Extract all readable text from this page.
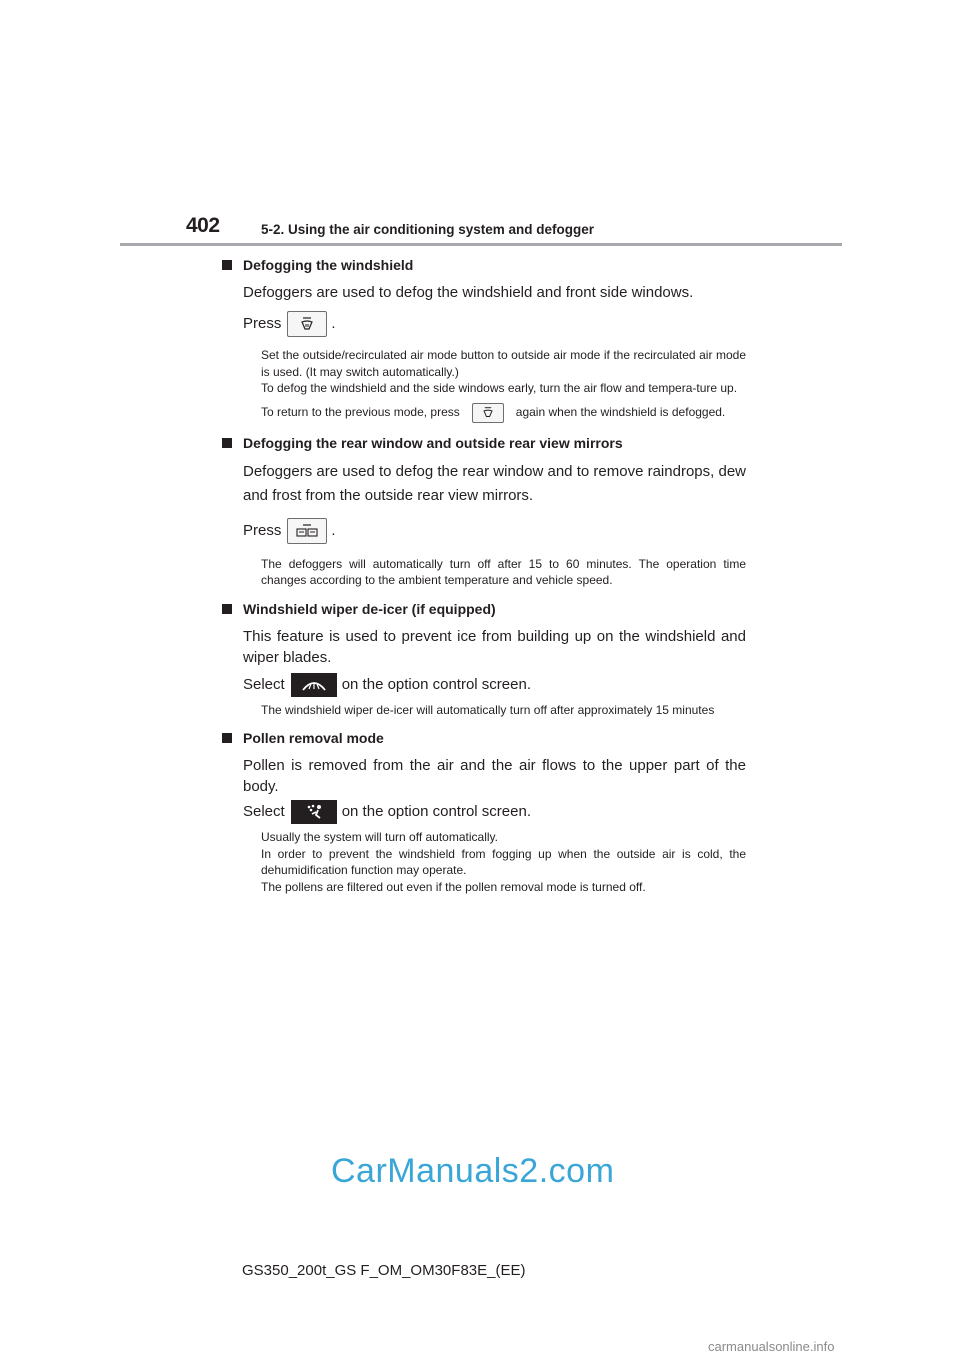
402	5-2. Using the air conditioning system and defogger
Defogging the windshield

Defoggers are used to defog the windshield and front side windows.

Press	.

Set the outside/recirculated air mode button to outside air mode if the recirculated air mode is used. (It may switch automatically.)

To defog the windshield and the side windows early, turn the air flow and tempera-ture up.

To return to the previous mode, press	again when the windshield is defogged.
Defogging the rear window and outside rear view mirrors

Defoggers are used to defog the rear window and to remove raindrops, dew and frost from the outside rear view mirrors.

Press	.

The defoggers will automatically turn off after 15 to 60 minutes. The operation time changes according to the ambient temperature and vehicle speed.

Windshield wiper de-icer (if equipped)

This feature is used to prevent ice from building up on the windshield and wiper blades.

Select	on the option control screen.

The windshield wiper de-icer will automatically turn off after approximately 15 minutes

Pollen removal mode

Pollen is removed from the air and the air flows to the upper part of the body.

Select	on the option control screen.

Usually the system will turn off automatically.

In order to prevent the windshield from fogging up when the outside air is cold, the dehumidification function may operate.

The pollens are filtered out even if the pollen removal mode is turned off.

CarManuals2.com
GS350_200t_GS F_OM_OM30F83E_(EE)
carmanualsonline.info
